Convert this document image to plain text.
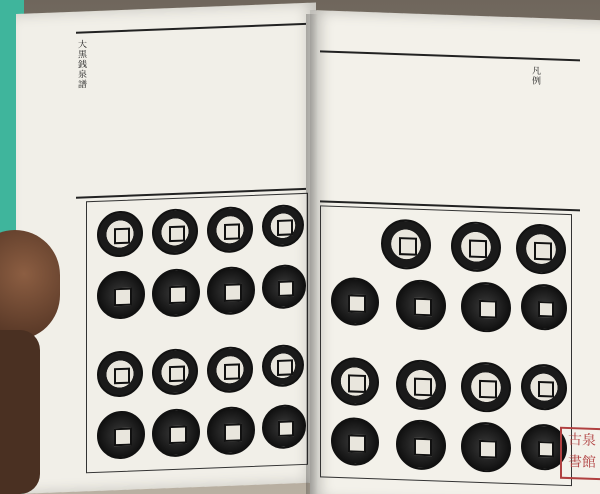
大黒銭泉譜	凡例
古泉
書館
